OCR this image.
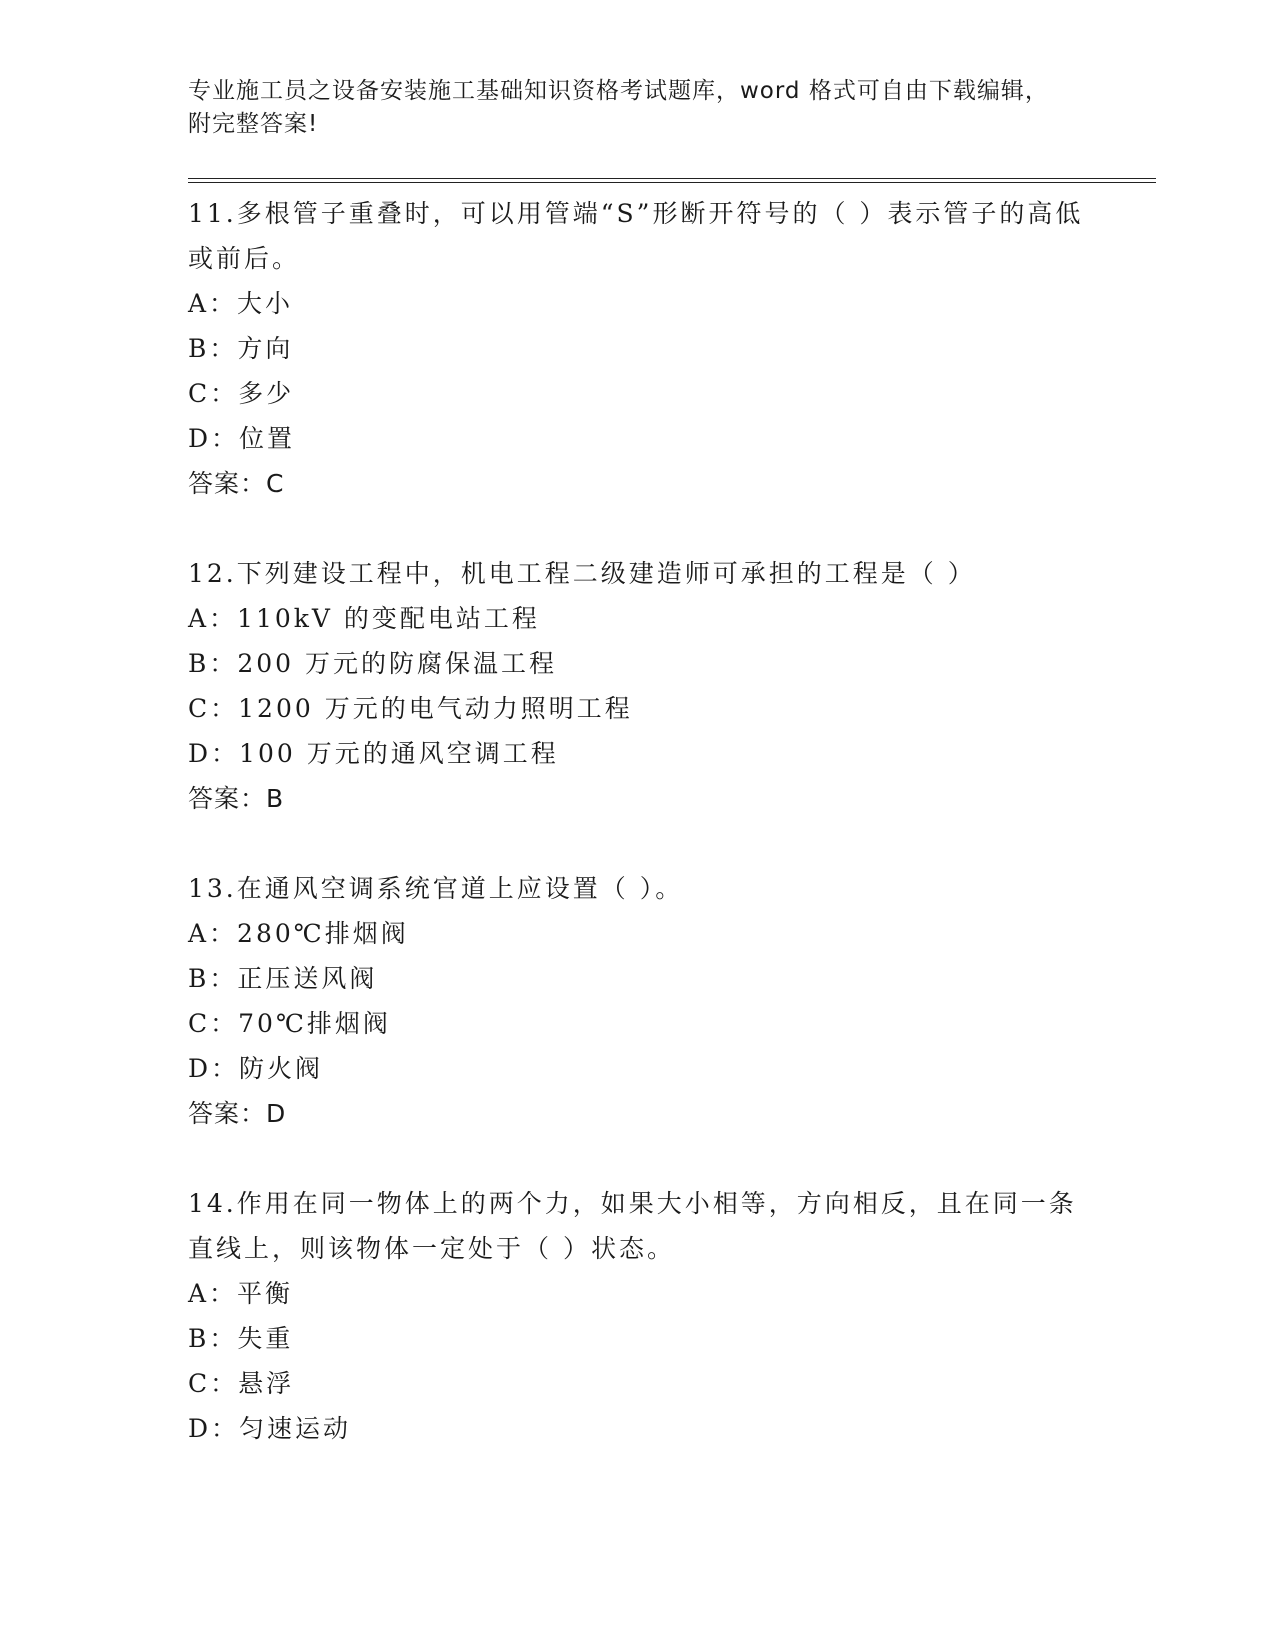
专业施工员之设备安装施工基础知识资格考试题库，word 格式可自由下载编辑，
附完整答案!
11.多根管子重叠时，可以用管端“S”形断开符号的（ ）表示管子的高低或前后。
A：大小
B：方向
C：多少
D：位置
答案：C
12.下列建设工程中，机电工程二级建造师可承担的工程是（ ）
A：110kV 的变配电站工程
B：200 万元的防腐保温工程
C：1200 万元的电气动力照明工程
D：100 万元的通风空调工程
答案：B
13.在通风空调系统官道上应设置（ ）。
A：280℃排烟阀
B：正压送风阀
C：70℃排烟阀
D：防火阀
答案：D
14.作用在同一物体上的两个力，如果大小相等，方向相反，且在同一条直线上，则该物体一定处于（ ）状态。
A：平衡
B：失重
C：悬浮
D：匀速运动
